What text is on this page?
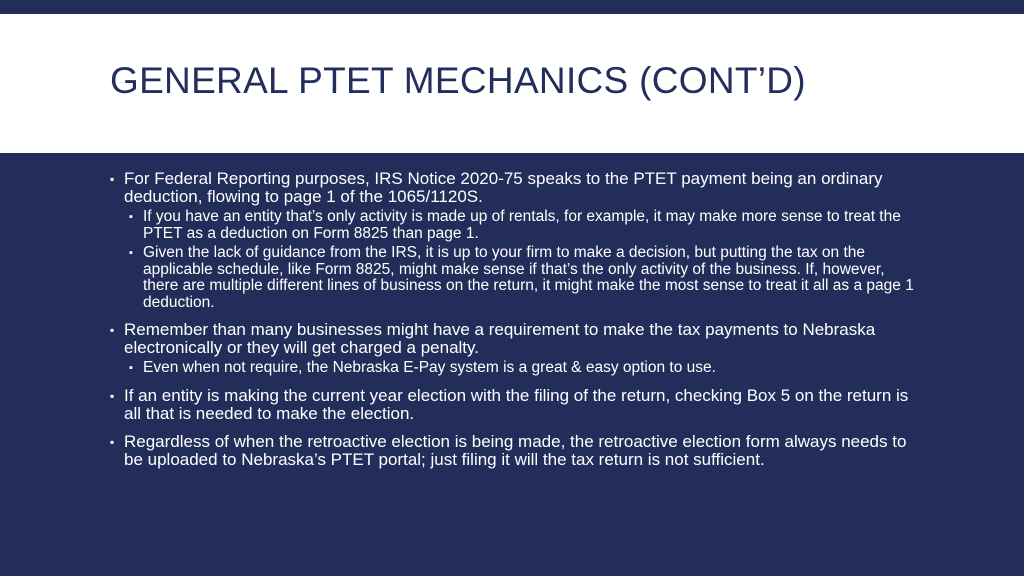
GENERAL PTET MECHANICS (CONT’D)
▪ For Federal Reporting purposes, IRS Notice 2020-75 speaks to the PTET payment being an ordinary deduction, flowing to page 1 of the 1065/1120S.
▪ If you have an entity that’s only activity is made up of rentals, for example, it may make more sense to treat the PTET as a deduction on Form 8825 than page 1.
▪ Given the lack of guidance from the IRS, it is up to your firm to make a decision, but putting the tax on the applicable schedule, like Form 8825, might make sense if that’s the only activity of the business. If, however, there are multiple different lines of business on the return, it might make the most sense to treat it all as a page 1 deduction.
▪ Remember than many businesses might have a requirement to make the tax payments to Nebraska electronically or they will get charged a penalty.
▪ Even when not require, the Nebraska E-Pay system is a great & easy option to use.
▪ If an entity is making the current year election with the filing of the return, checking Box 5 on the return is all that is needed to make the election.
▪ Regardless of when the retroactive election is being made, the retroactive election form always needs to be uploaded to Nebraska’s PTET portal; just filing it will the tax return is not sufficient.
